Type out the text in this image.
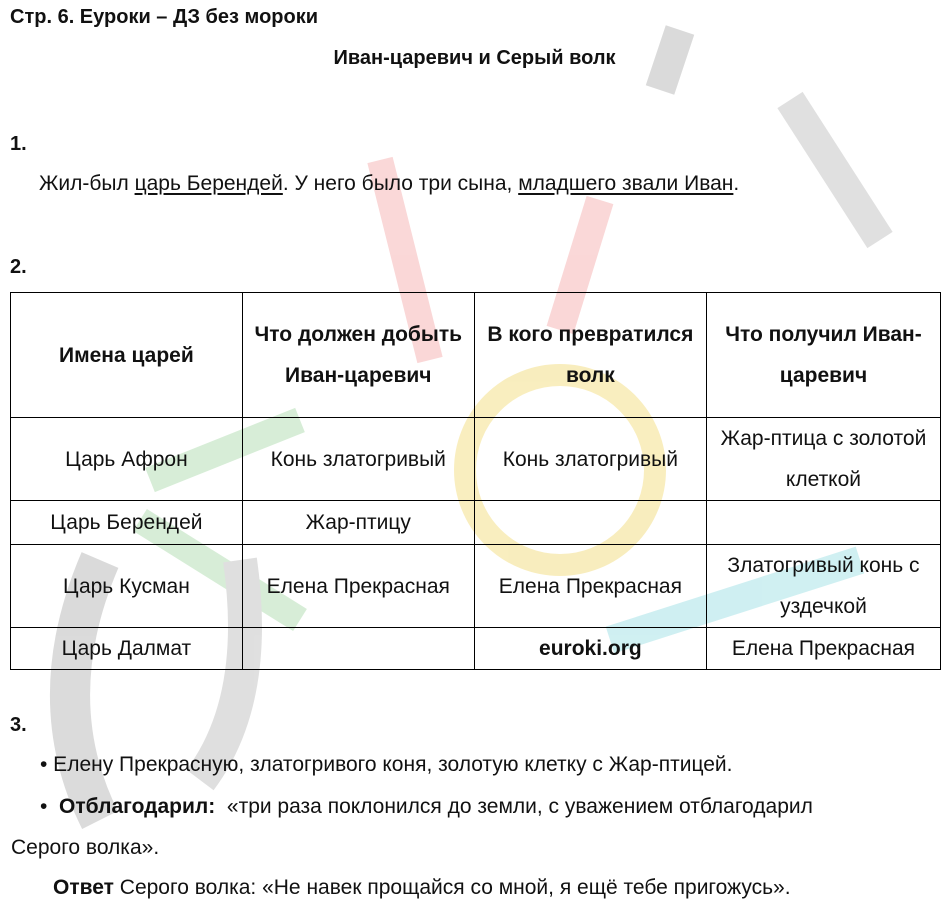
Стр. 6. Еуроки – ДЗ без мороки
Иван-царевич и Серый волк
1.
Жил-был царь Берендей. У него было три сына, младшего звали Иван.
2.
Имена царей	Что должен добыть Иван-царевич	В кого превратился волк	Что получил Иван-царевич
Царь Афрон	Конь златогривый	Конь златогривый	Жар-птица с золотой клеткой
Царь Берендей	Жар-птицу		
Царь Кусман	Елена Прекрасная	Елена Прекрасная	Златогривый конь с уздечкой
Царь Далмат		euroki.org	Елена Прекрасная
3.
• Елену Прекрасную, златогривого коня, золотую клетку с Жар-птицей.
• Отблагодарил: «три раза поклонился до земли, с уважением отблагодарил
Серого волка».
Ответ Серого волка: «Не навек прощайся со мной, я ещё тебе пригожусь».
